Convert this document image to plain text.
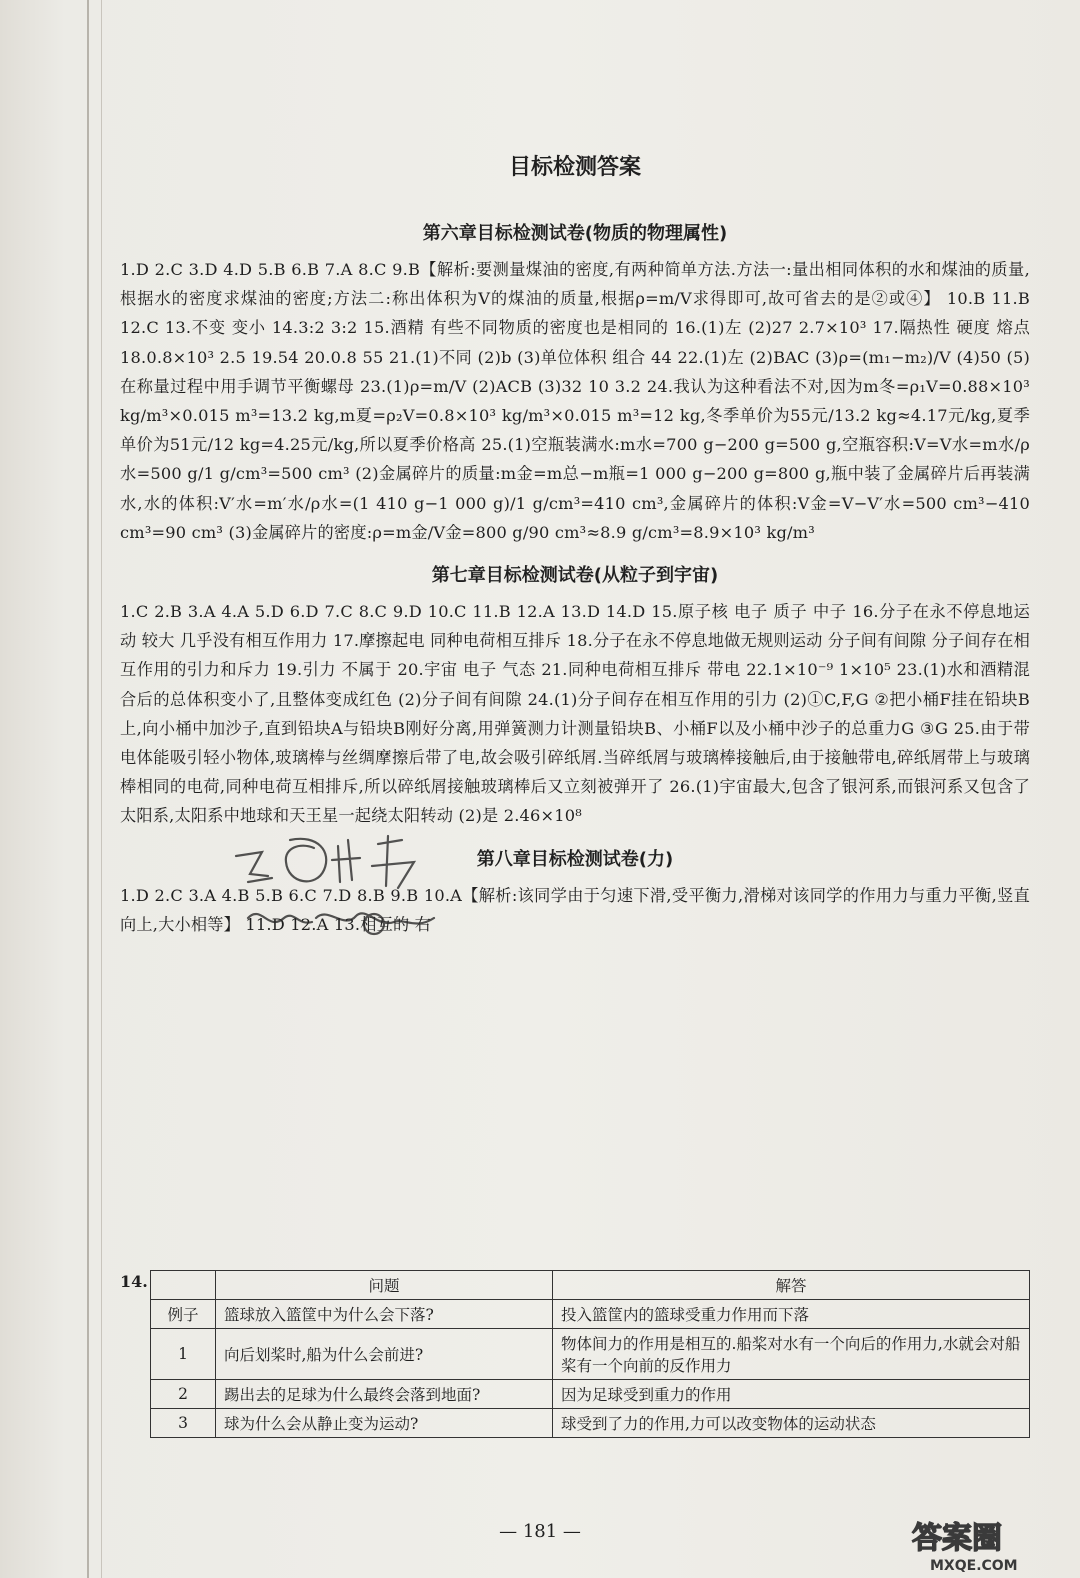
目标检测答案
第六章目标检测试卷(物质的物理属性)

1.D 2.C 3.D 4.D 5.B 6.B 7.A 8.C 9.B【解析:要测量煤油的密度,有两种简单方法.方法一:量出相同体积的水和煤油的质量,根据水的密度求煤油的密度;方法二:称出体积为V的煤油的质量,根据ρ=m/V求得即可,故可省去的是②或④】 10.B 11.B 12.C 13.不变 变小 14.3:2 3:2 15.酒精 有些不同物质的密度也是相同的 16.(1)左 (2)27 2.7×10³ 17.隔热性 硬度 熔点 18.0.8×10³ 2.5 19.54 20.0.8 55 21.(1)不同 (2)b (3)单位体积 组合 44 22.(1)左 (2)BAC (3)ρ=(m₁−m₂)/V (4)50 (5)在称量过程中用手调节平衡螺母 23.(1)ρ=m/V (2)ACB (3)32 10 3.2 24.我认为这种看法不对,因为m冬=ρ₁V=0.88×10³ kg/m³×0.015 m³=13.2 kg,m夏=ρ₂V=0.8×10³ kg/m³×0.015 m³=12 kg,冬季单价为55元/13.2 kg≈4.17元/kg,夏季单价为51元/12 kg=4.25元/kg,所以夏季价格高 25.(1)空瓶装满水:m水=700 g−200 g=500 g,空瓶容积:V=V水=m水/ρ水=500 g/1 g/cm³=500 cm³ (2)金属碎片的质量:m金=m总−m瓶=1 000 g−200 g=800 g,瓶中装了金属碎片后再装满水,水的体积:V′水=m′水/ρ水=(1 410 g−1 000 g)/1 g/cm³=410 cm³,金属碎片的体积:V金=V−V′水=500 cm³−410 cm³=90 cm³ (3)金属碎片的密度:ρ=m金/V金=800 g/90 cm³≈8.9 g/cm³=8.9×10³ kg/m³

第七章目标检测试卷(从粒子到宇宙)

1.C 2.B 3.A 4.A 5.D 6.D 7.C 8.C 9.D 10.C 11.B 12.A 13.D 14.D 15.原子核 电子 质子 中子 16.分子在永不停息地运动 较大 几乎没有相互作用力 17.摩擦起电 同种电荷相互排斥 18.分子在永不停息地做无规则运动 分子间有间隙 分子间存在相互作用的引力和斥力 19.引力 不属于 20.宇宙 电子 气态 21.同种电荷相互排斥 带电 22.1×10⁻⁹ 1×10⁵ 23.(1)水和酒精混合后的总体积变小了,且整体变成红色 (2)分子间有间隙 24.(1)分子间存在相互作用的引力 (2)①C,F,G ②把小桶F挂在铅块B上,向小桶中加沙子,直到铅块A与铅块B刚好分离,用弹簧测力计测量铅块B、小桶F以及小桶中沙子的总重力G ③G 25.由于带电体能吸引轻小物体,玻璃棒与丝绸摩擦后带了电,故会吸引碎纸屑.当碎纸屑与玻璃棒接触后,由于接触带电,碎纸屑带上与玻璃棒相同的电荷,同种电荷互相排斥,所以碎纸屑接触玻璃棒后又立刻被弹开了 26.(1)宇宙最大,包含了银河系,而银河系又包含了太阳系,太阳系中地球和天王星一起绕太阳转动 (2)是 2.46×10⁸

第八章目标检测试卷(力)

1.D 2.C 3.A 4.B 5.B 6.C 7.D 8.B 9.B 10.A【解析:该同学由于匀速下滑,受平衡力,滑梯对该同学的作用力与重力平衡,竖直向上,大小相等】 11.D 12.A 13.相互的 右

14.
		问题	解答
例子	篮球放入篮筐中为什么会下落?	投入篮筐内的篮球受重力作用而下落
1	向后划桨时,船为什么会前进?	物体间力的作用是相互的.船桨对水有一个向后的作用力,水就会对船桨有一个向前的反作用力
2	踢出去的足球为什么最终会落到地面?	因为足球受到重力的作用
3	球为什么会从静止变为运动?	球受到了力的作用,力可以改变物体的运动状态
— 181 —	答案圈
MXQE.COM
